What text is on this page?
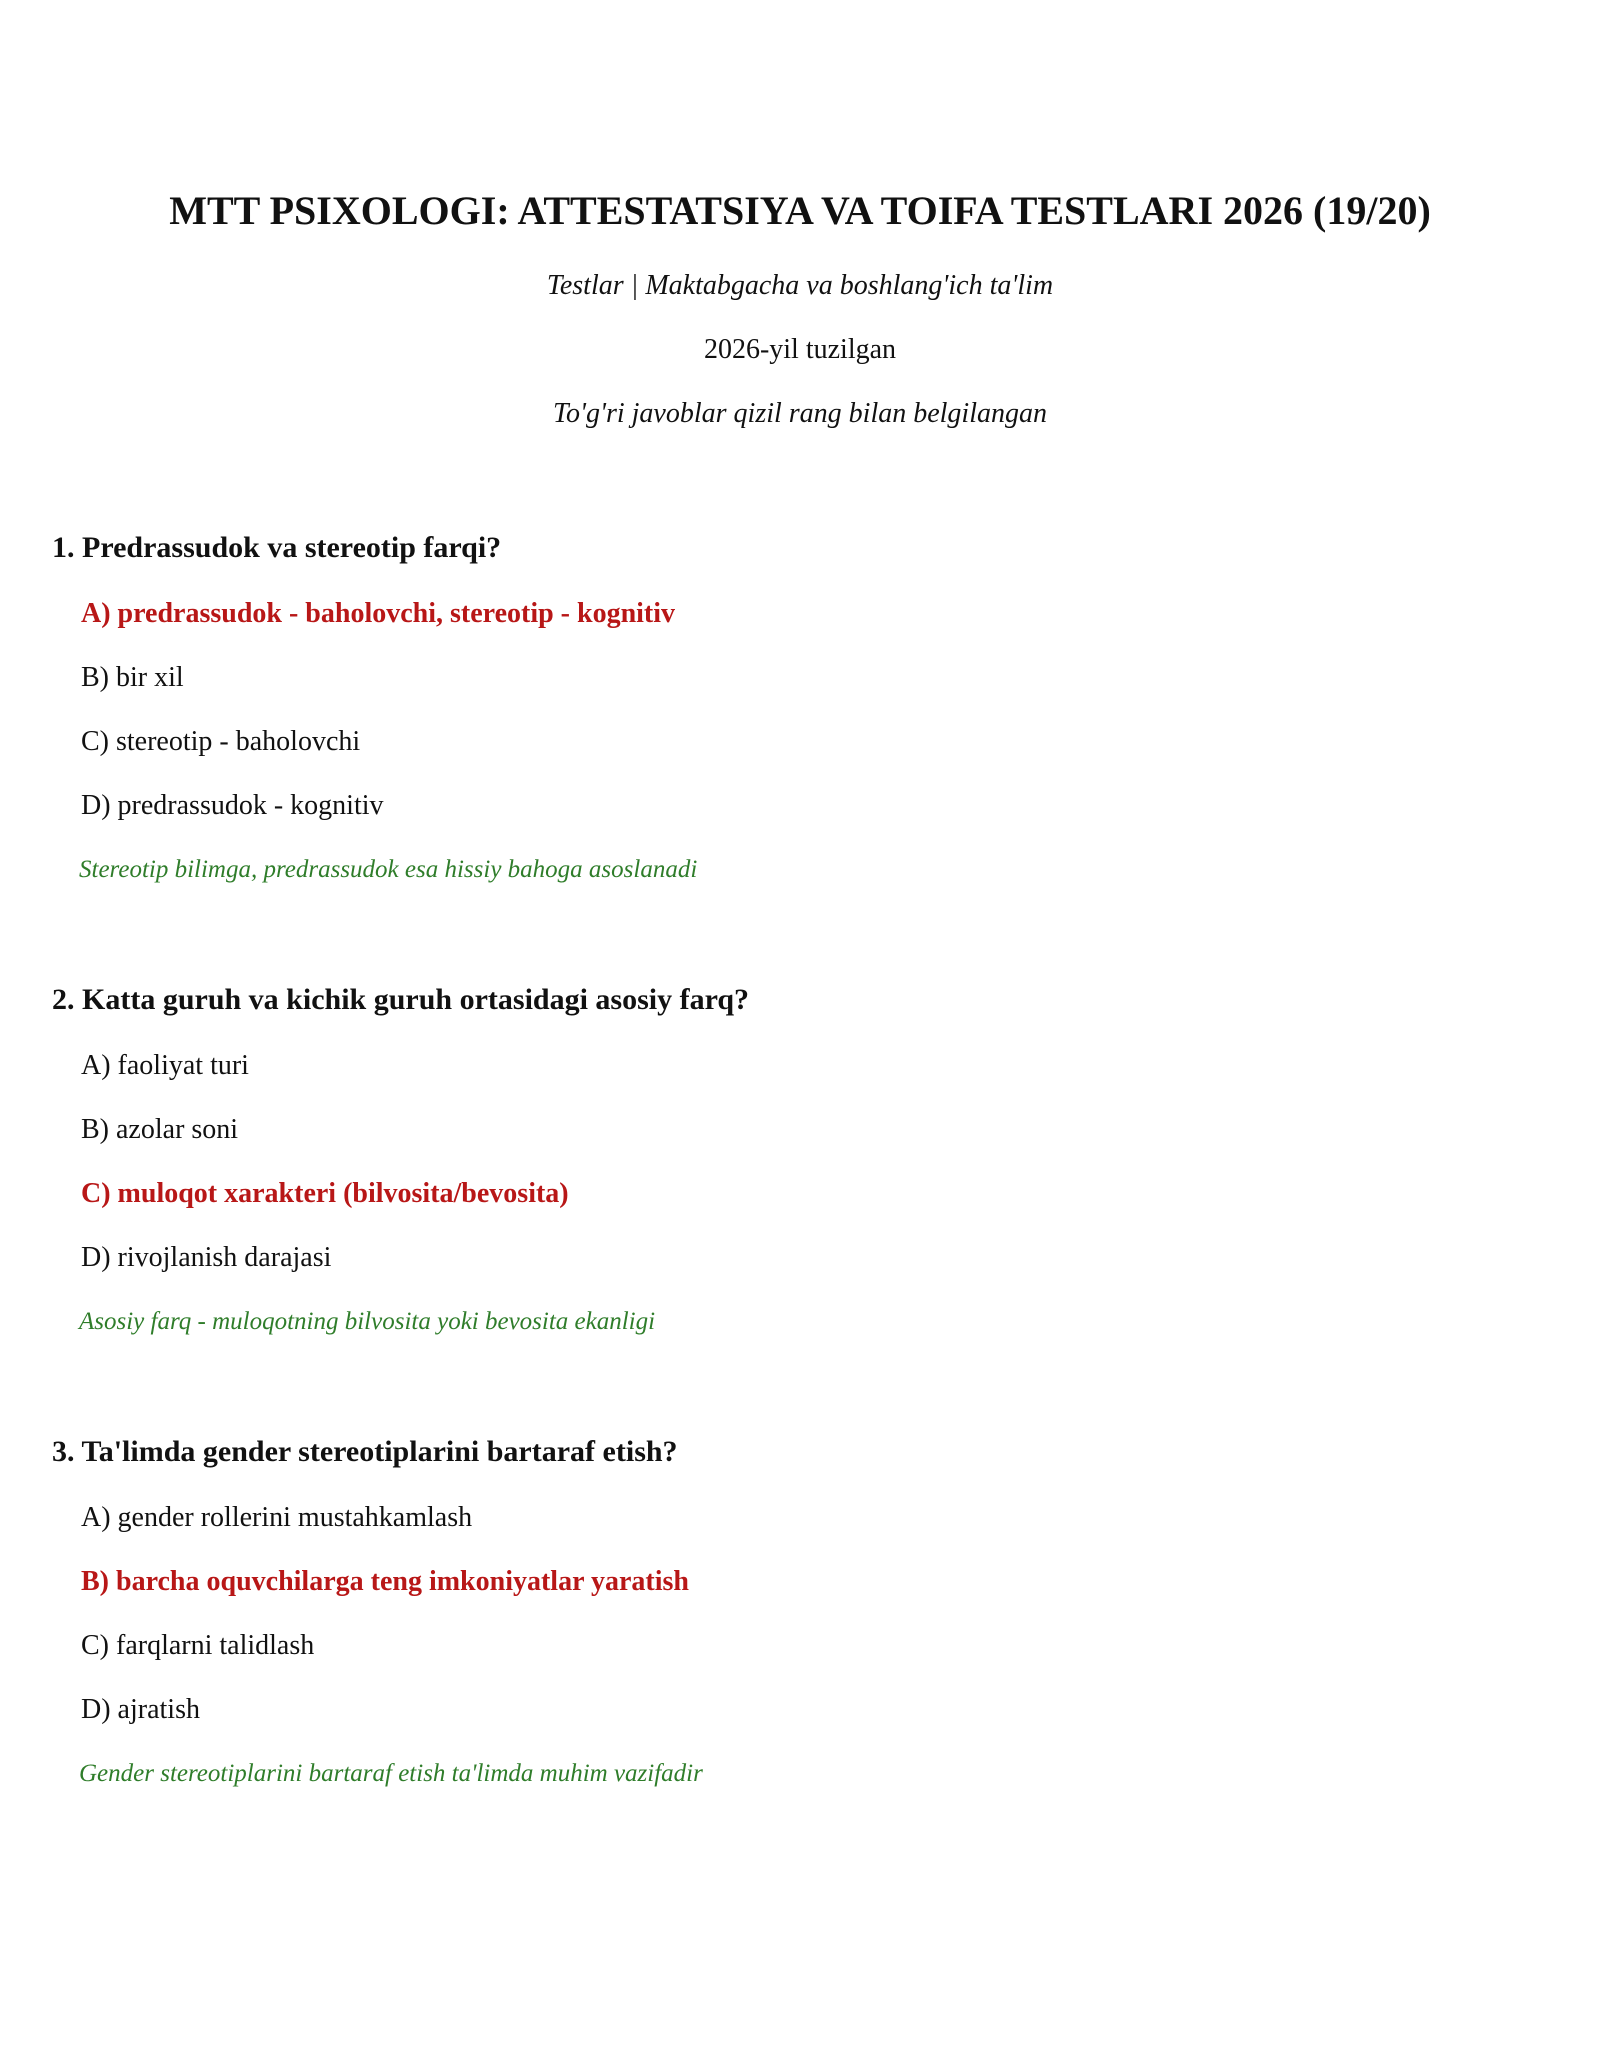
MTT PSIXOLOGI: ATTESTATSIYA VA TOIFA TESTLARI 2026 (19/20)

Testlar | Maktabgacha va boshlang'ich ta'lim

2026-yil tuzilgan

To'g'ri javoblar qizil rang bilan belgilangan

1. Predrassudok va stereotip farqi?

A) predrassudok - baholovchi, stereotip - kognitiv

B) bir xil

C) stereotip - baholovchi

D) predrassudok - kognitiv

Stereotip bilimga, predrassudok esa hissiy bahoga asoslanadi

2. Katta guruh va kichik guruh ortasidagi asosiy farq?

A) faoliyat turi

B) azolar soni

C) muloqot xarakteri (bilvosita/bevosita)

D) rivojlanish darajasi

Asosiy farq - muloqotning bilvosita yoki bevosita ekanligi

3. Ta'limda gender stereotiplarini bartaraf etish?

A) gender rollerini mustahkamlash

B) barcha oquvchilarga teng imkoniyatlar yaratish

C) farqlarni talidlash

D) ajratish

Gender stereotiplarini bartaraf etish ta'limda muhim vazifadir
